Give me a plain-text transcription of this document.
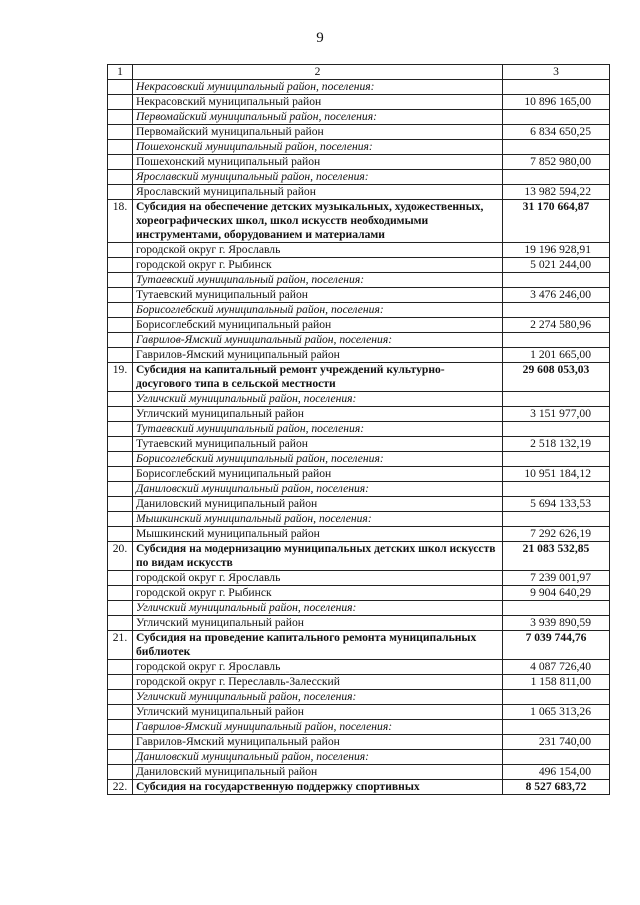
9
1	2	3
	Некрасовский муниципальный район, поселения:	
	Некрасовский муниципальный район	10 896 165,00
	Первомайский муниципальный район, поселения:	
	Первомайский муниципальный район	6 834 650,25
	Пошехонский муниципальный район, поселения:	
	Пошехонский муниципальный район	7 852 980,00
	Ярославский муниципальный район, поселения:	
	Ярославский муниципальный район	13 982 594,22
18.	Субсидия на обеспечение детских музыкальных, художественных, хореографических школ, школ искусств необходимыми инструментами, оборудованием и материалами	31 170 664,87
	городской округ г. Ярославль	19 196 928,91
	городской округ г. Рыбинск	5 021 244,00
	Тутаевский муниципальный район, поселения:	
	Тутаевский муниципальный район	3 476 246,00
	Борисоглебский муниципальный район, поселения:	
	Борисоглебский муниципальный район	2 274 580,96
	Гаврилов-Ямский муниципальный район, поселения:	
	Гаврилов-Ямский муниципальный район	1 201 665,00
19.	Субсидия на капитальный ремонт учреждений культурно-досугового типа в сельской местности	29 608 053,03
	Угличский муниципальный район, поселения:	
	Угличский муниципальный район	3 151 977,00
	Тутаевский муниципальный район, поселения:	
	Тутаевский муниципальный район	2 518 132,19
	Борисоглебский муниципальный район, поселения:	
	Борисоглебский муниципальный район	10 951 184,12
	Даниловский муниципальный район, поселения:	
	Даниловский муниципальный район	5 694 133,53
	Мышкинский муниципальный район, поселения:	
	Мышкинский муниципальный район	7 292 626,19
20.	Субсидия на модернизацию муниципальных детских школ искусств по видам искусств	21 083 532,85
	городской округ г. Ярославль	7 239 001,97
	городской округ г. Рыбинск	9 904 640,29
	Угличский муниципальный район, поселения:	
	Угличский муниципальный район	3 939 890,59
21.	Субсидия на проведение капитального ремонта муниципальных библиотек	7 039 744,76
	городской округ г. Ярославль	4 087 726,40
	городской округ г. Переславль-Залесский	1 158 811,00
	Угличский муниципальный район, поселения:	
	Угличский муниципальный район	1 065 313,26
	Гаврилов-Ямский муниципальный район, поселения:	
	Гаврилов-Ямский муниципальный район	231 740,00
	Даниловский муниципальный район, поселения:	
	Даниловский муниципальный район	496 154,00
22.	Субсидия на государственную поддержку спортивных	8 527 683,72
